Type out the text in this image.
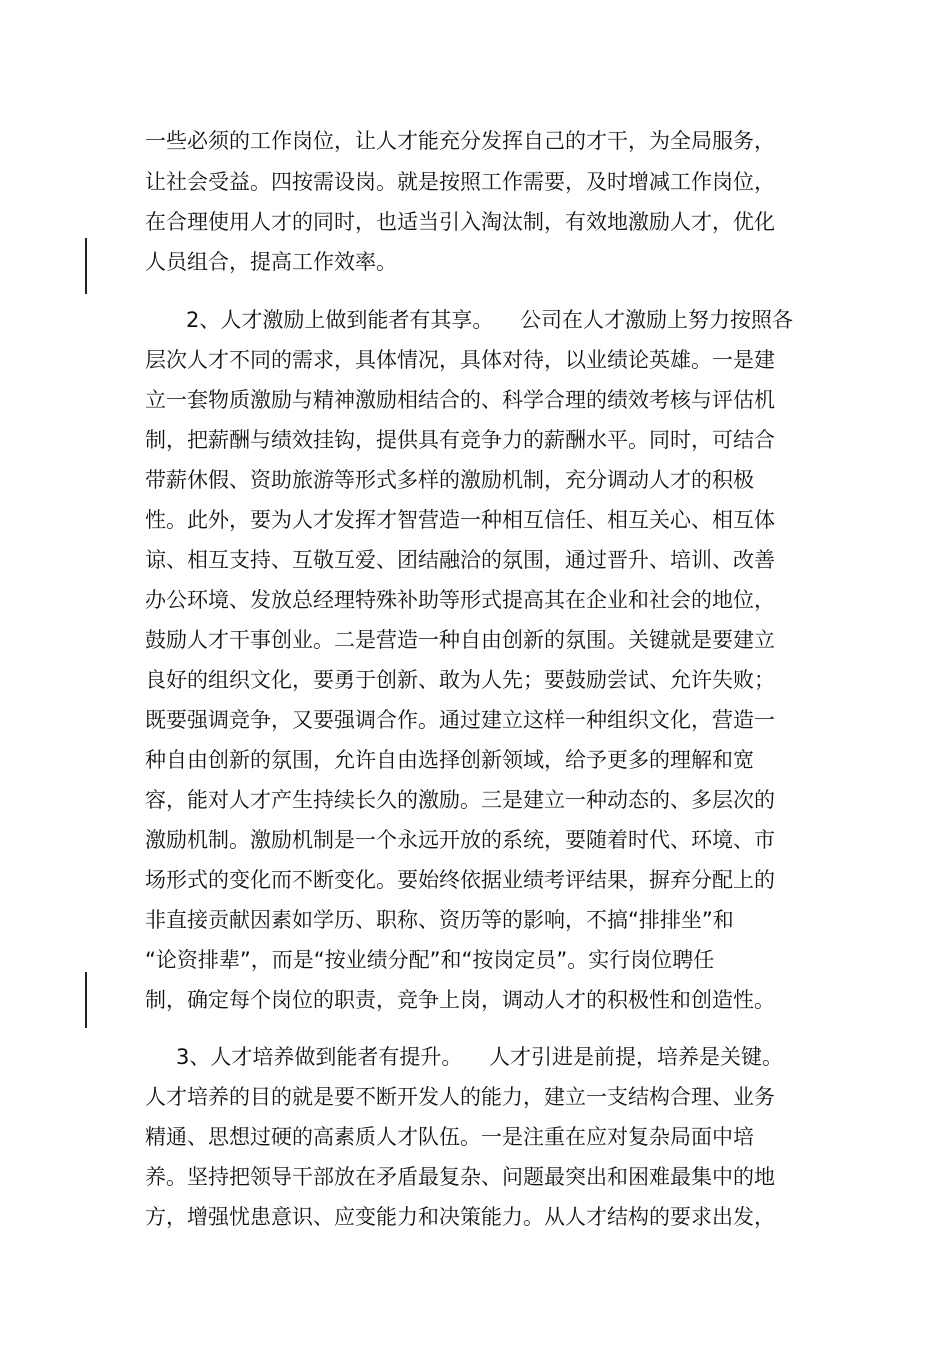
一些必须的工作岗位，让人才能充分发挥自己的才干，为全局服务，
让社会受益。四按需设岗。就是按照工作需要，及时增减工作岗位，
在合理使用人才的同时，也适当引入淘汰制，有效地激励人才，优化
人员组合，提高工作效率。
2、人才激励上做到能者有其享。    公司在人才激励上努力按照各
层次人才不同的需求，具体情况，具体对待，以业绩论英雄。一是建
立一套物质激励与精神激励相结合的、科学合理的绩效考核与评估机
制，把薪酬与绩效挂钩，提供具有竞争力的薪酬水平。同时，可结合
带薪休假、资助旅游等形式多样的激励机制，充分调动人才的积极
性。此外，要为人才发挥才智营造一种相互信任、相互关心、相互体
谅、相互支持、互敬互爱、团结融洽的氛围，通过晋升、培训、改善
办公环境、发放总经理特殊补助等形式提高其在企业和社会的地位，
鼓励人才干事创业。二是营造一种自由创新的氛围。关键就是要建立
良好的组织文化，要勇于创新、敢为人先；要鼓励尝试、允许失败；
既要强调竞争，又要强调合作。通过建立这样一种组织文化，营造一
种自由创新的氛围，允许自由选择创新领域，给予更多的理解和宽
容，能对人才产生持续长久的激励。三是建立一种动态的、多层次的
激励机制。激励机制是一个永远开放的系统，要随着时代、环境、市
场形式的变化而不断变化。要始终依据业绩考评结果，摒弃分配上的
非直接贡献因素如学历、职称、资历等的影响，不搞“排排坐”和
“论资排辈”，而是“按业绩分配”和“按岗定员”。实行岗位聘任
制，确定每个岗位的职责，竞争上岗，调动人才的积极性和创造性。
3、人才培养做到能者有提升。    人才引进是前提，培养是关键。
人才培养的目的就是要不断开发人的能力，建立一支结构合理、业务
精通、思想过硬的高素质人才队伍。一是注重在应对复杂局面中培
养。坚持把领导干部放在矛盾最复杂、问题最突出和困难最集中的地
方，增强忧患意识、应变能力和决策能力。从人才结构的要求出发，
